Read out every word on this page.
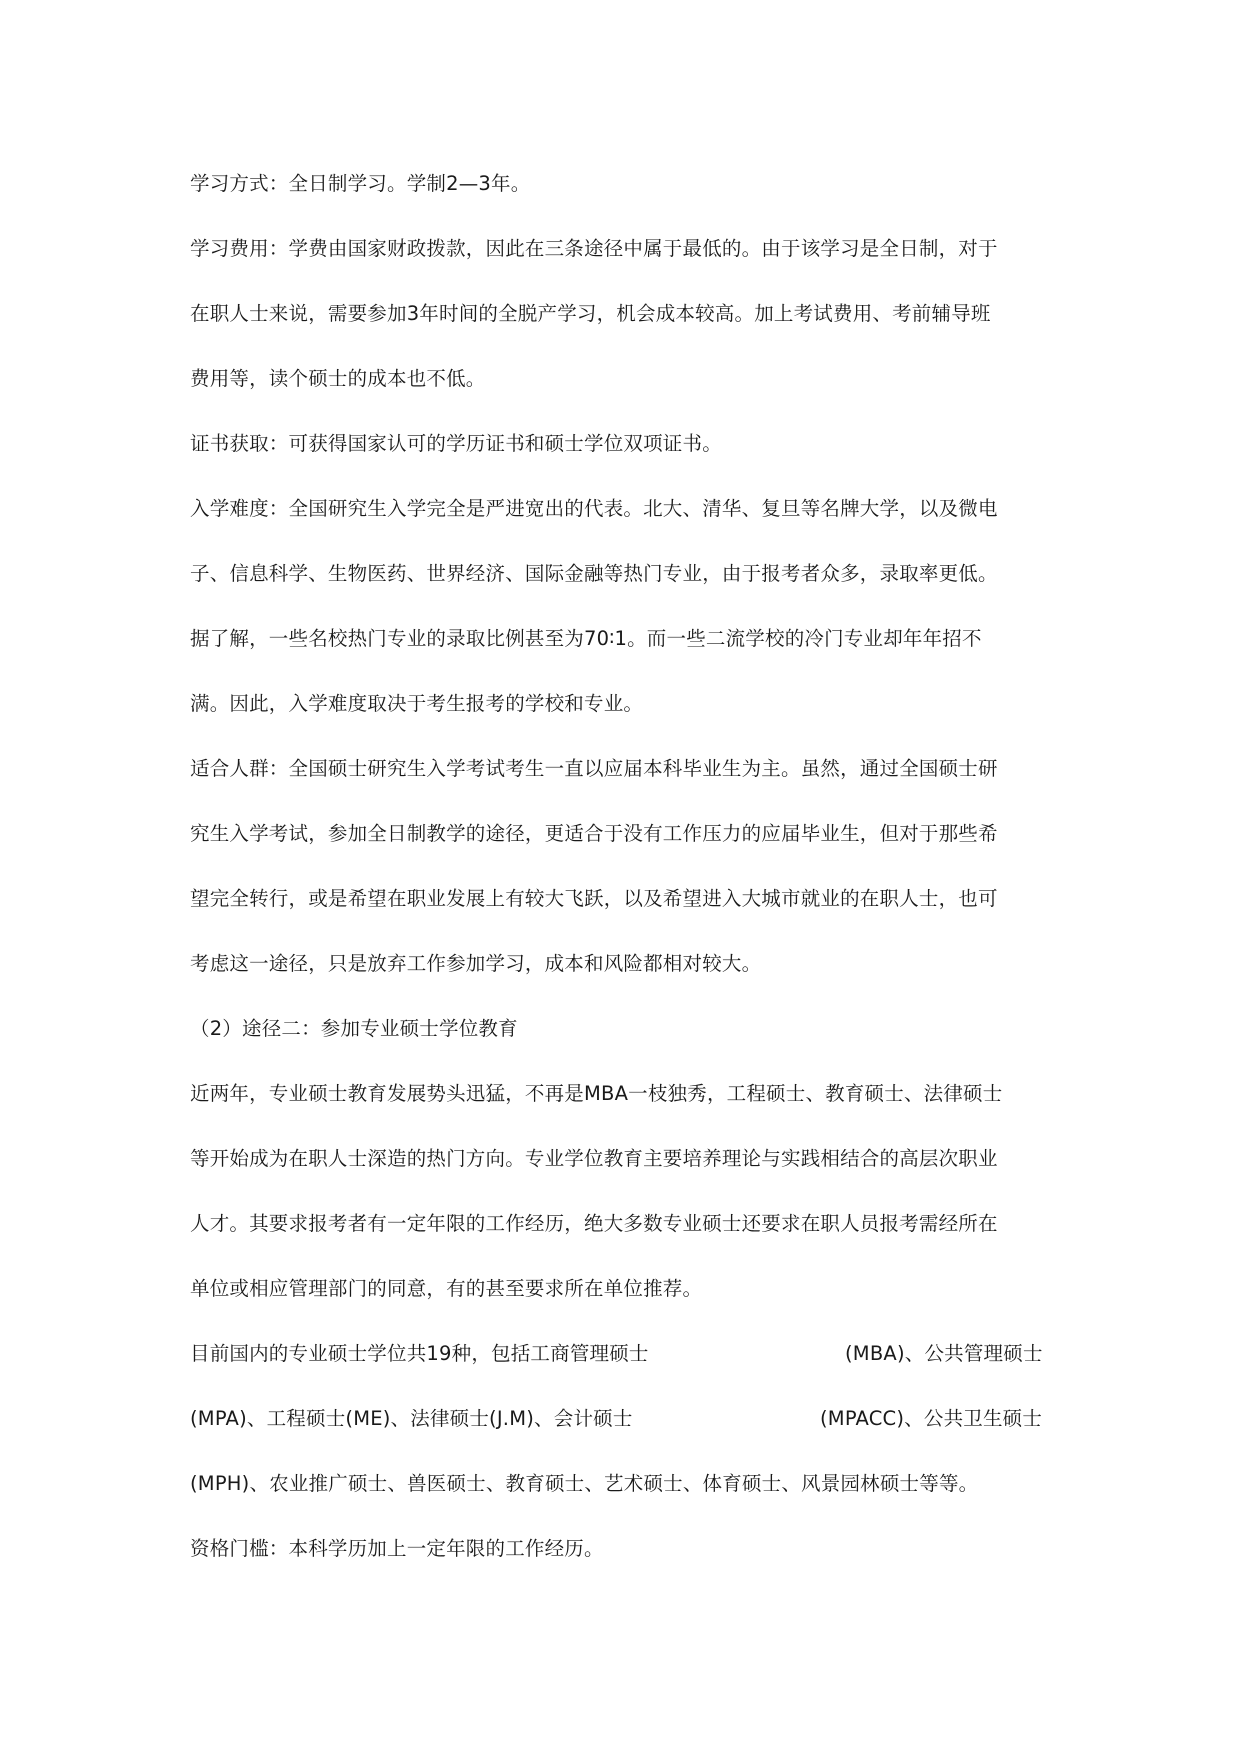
学习方式：全日制学习。学制2—3年。

学习费用：学费由国家财政拨款，因此在三条途径中属于最低的。由于该学习是全日制，对于

在职人士来说，需要参加3年时间的全脱产学习，机会成本较高。加上考试费用、考前辅导班

费用等，读个硕士的成本也不低。

证书获取：可获得国家认可的学历证书和硕士学位双项证书。

入学难度：全国研究生入学完全是严进宽出的代表。北大、清华、复旦等名牌大学，以及微电

子、信息科学、生物医药、世界经济、国际金融等热门专业，由于报考者众多，录取率更低。

据了解，一些名校热门专业的录取比例甚至为70∶1。而一些二流学校的冷门专业却年年招不

满。因此，入学难度取决于考生报考的学校和专业。

适合人群：全国硕士研究生入学考试考生一直以应届本科毕业生为主。虽然，通过全国硕士研

究生入学考试，参加全日制教学的途径，更适合于没有工作压力的应届毕业生，但对于那些希

望完全转行，或是希望在职业发展上有较大飞跃，以及希望进入大城市就业的在职人士，也可

考虑这一途径，只是放弃工作参加学习，成本和风险都相对较大。

（2）途径二：参加专业硕士学位教育

近两年，专业硕士教育发展势头迅猛，不再是MBA一枝独秀，工程硕士、教育硕士、法律硕士

等开始成为在职人士深造的热门方向。专业学位教育主要培养理论与实践相结合的高层次职业

人才。其要求报考者有一定年限的工作经历，绝大多数专业硕士还要求在职人员报考需经所在

单位或相应管理部门的同意，有的甚至要求所在单位推荐。

目前国内的专业硕士学位共19种，包括工商管理硕士	(MBA)、公共管理硕士
(MPA)、工程硕士(ME)、法律硕士(J.M)、会计硕士	(MPACC)、公共卫生硕士

(MPH)、农业推广硕士、兽医硕士、教育硕士、艺术硕士、体育硕士、风景园林硕士等等。

资格门槛：本科学历加上一定年限的工作经历。
